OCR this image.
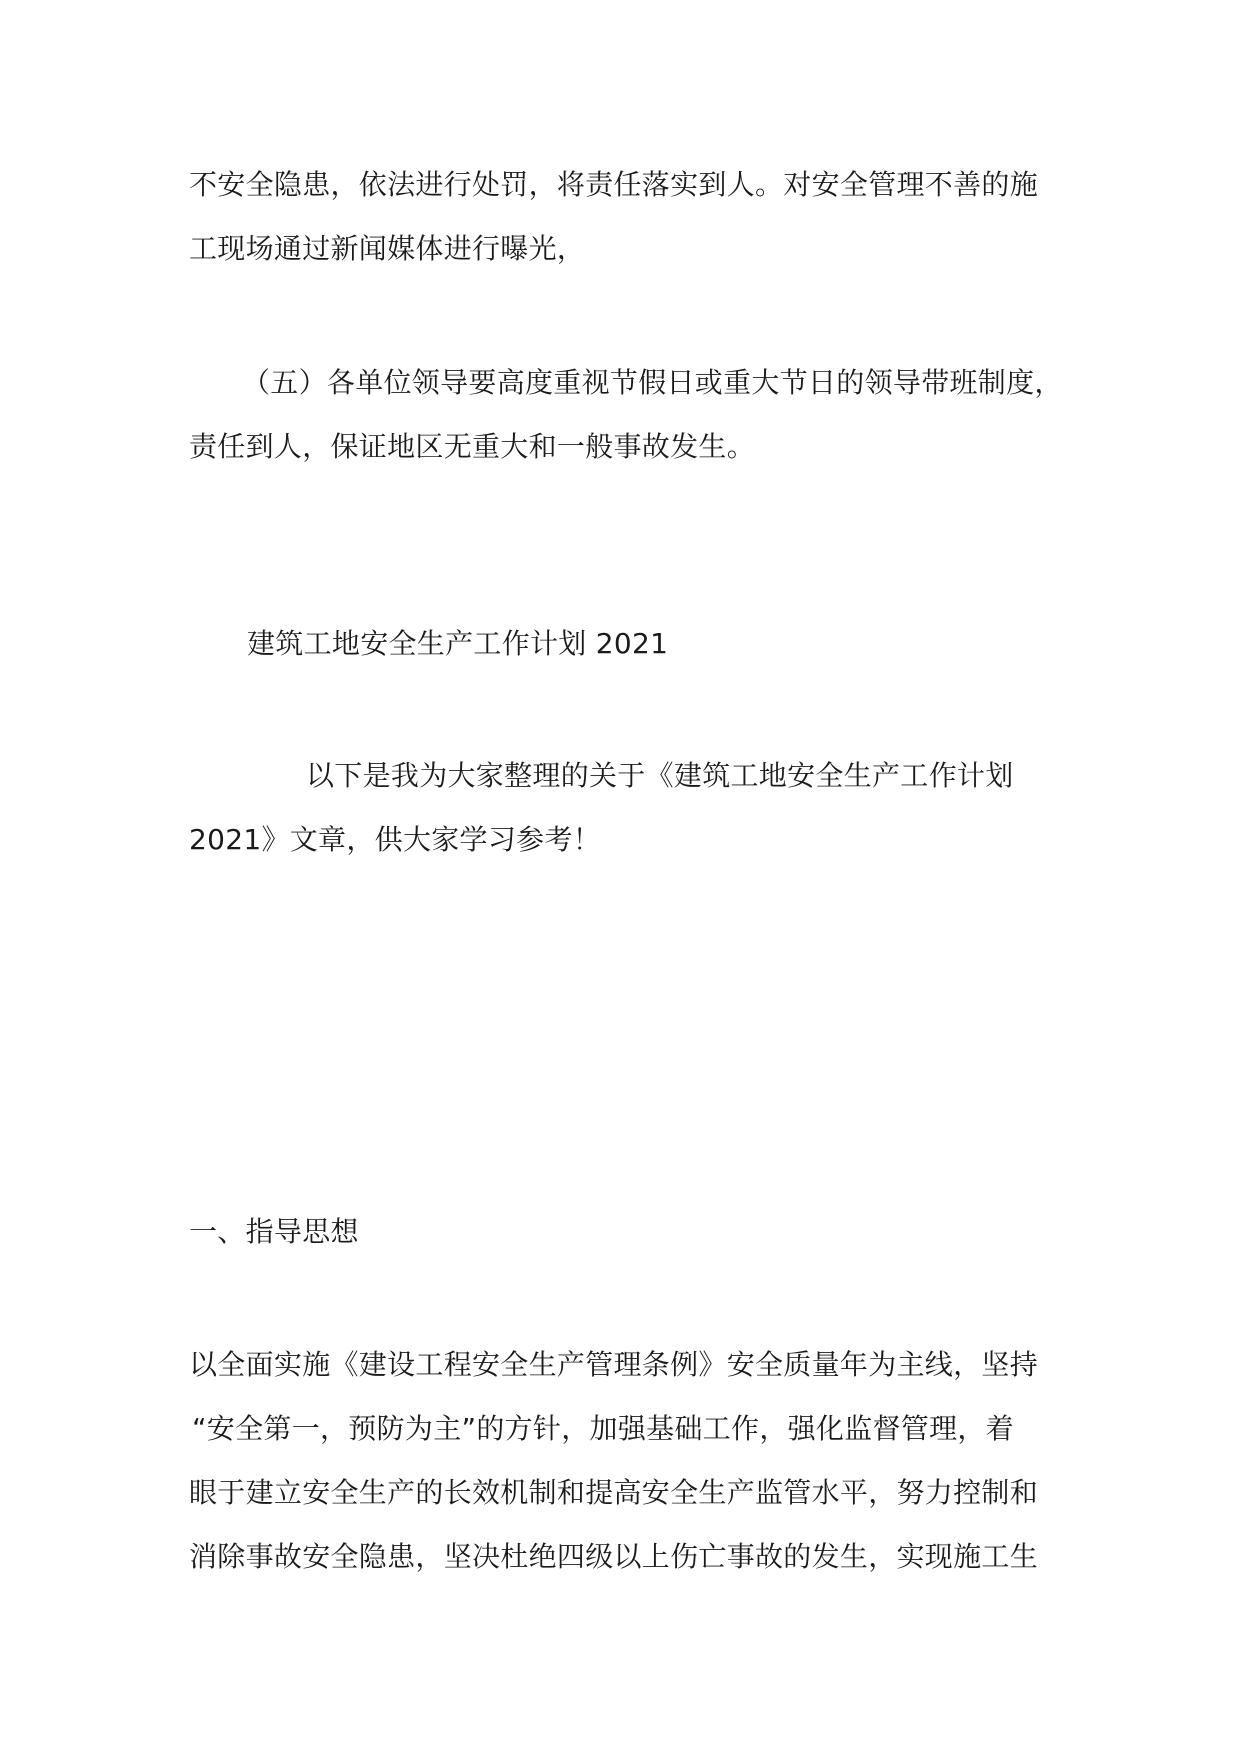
不安全隐患，依法进行处罚，将责任落实到人。对安全管理不善的施
工现场通过新闻媒体进行曝光，
（五）各单位领导要高度重视节假日或重大节日的领导带班制度，
责任到人，保证地区无重大和一般事故发生。
建筑工地安全生产工作计划 2021
以下是我为大家整理的关于《建筑工地安全生产工作计划
2021》文章，供大家学习参考！
一、指导思想
以全面实施《建设工程安全生产管理条例》安全质量年为主线，坚持
“安全第一，预防为主”的方针，加强基础工作，强化监督管理，着
眼于建立安全生产的长效机制和提高安全生产监管水平，努力控制和
消除事故安全隐患，坚决杜绝四级以上伤亡事故的发生，实现施工生
